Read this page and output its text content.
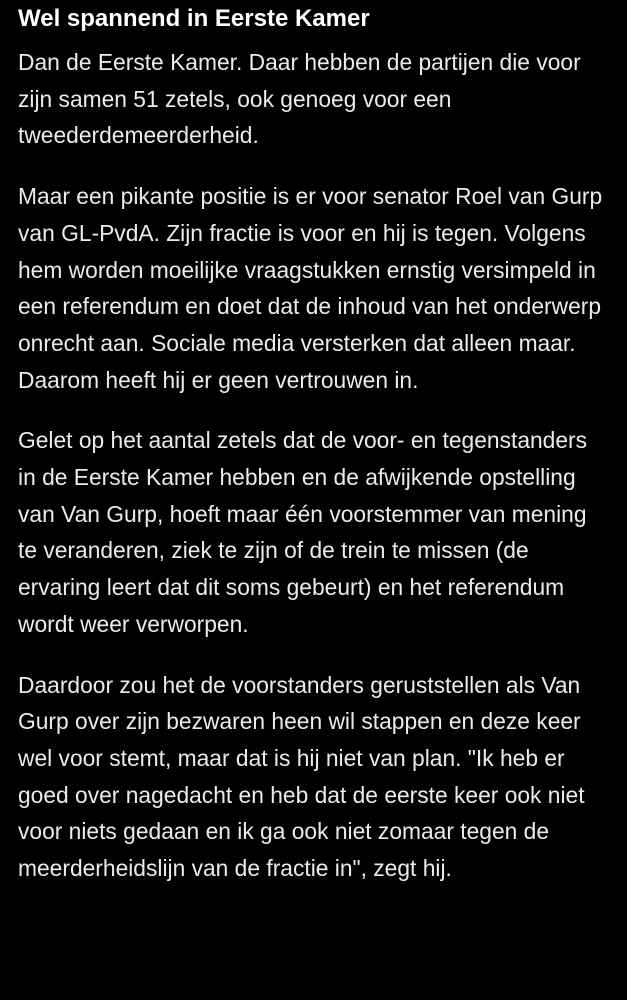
Wel spannend in Eerste Kamer

Dan de Eerste Kamer. Daar hebben de partijen die voor zijn samen 51 zetels, ook genoeg voor een tweederdemeerderheid.

Maar een pikante positie is er voor senator Roel van Gurp van GL-PvdA. Zijn fractie is voor en hij is tegen. Volgens hem worden moeilijke vraagstukken ernstig versimpeld in een referendum en doet dat de inhoud van het onderwerp onrecht aan. Sociale media versterken dat alleen maar. Daarom heeft hij er geen vertrouwen in.

Gelet op het aantal zetels dat de voor- en tegenstanders in de Eerste Kamer hebben en de afwijkende opstelling van Van Gurp, hoeft maar één voorstemmer van mening te veranderen, ziek te zijn of de trein te missen (de ervaring leert dat dit soms gebeurt) en het referendum wordt weer verworpen.

Daardoor zou het de voorstanders geruststellen als Van Gurp over zijn bezwaren heen wil stappen en deze keer wel voor stemt, maar dat is hij niet van plan. "Ik heb er goed over nagedacht en heb dat de eerste keer ook niet voor niets gedaan en ik ga ook niet zomaar tegen de meerderheidslijn van de fractie in", zegt hij.
